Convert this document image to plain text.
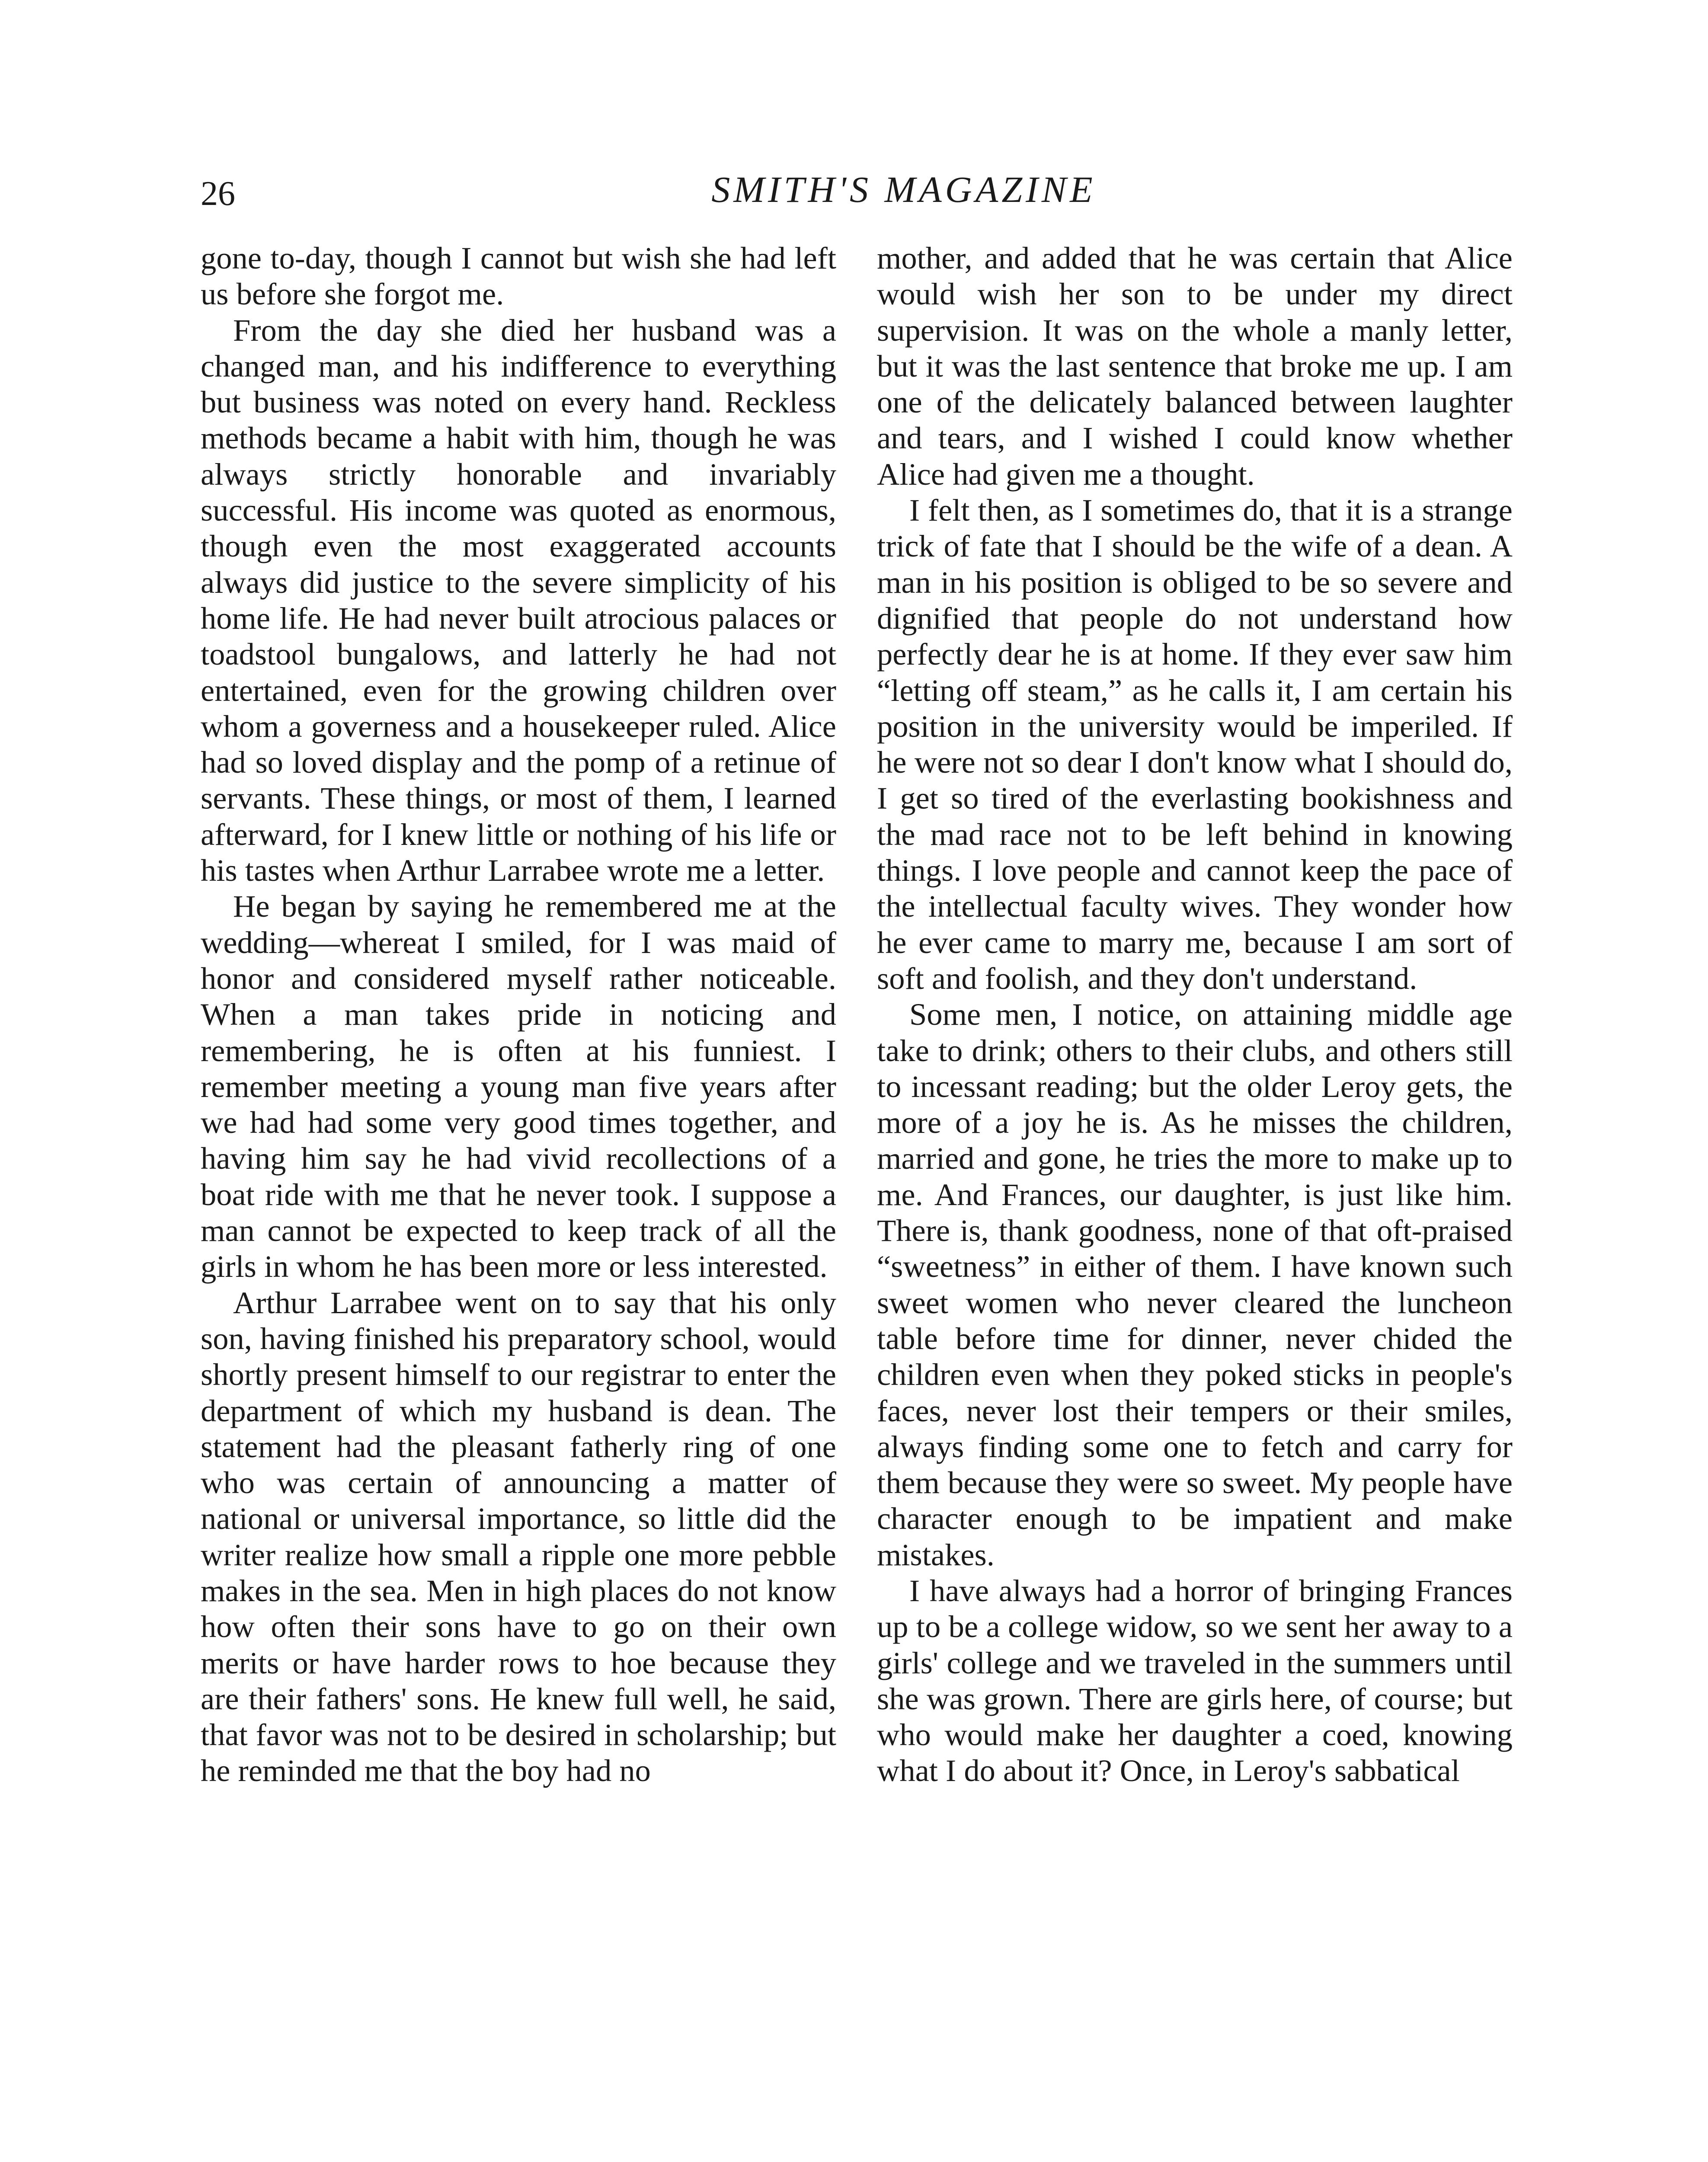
26	SMITH'S MAGAZINE

gone to-day, though I cannot but wish she had left us before she forgot me.

From the day she died her husband was a changed man, and his indifference to everything but business was noted on every hand. Reckless methods became a habit with him, though he was always strictly honorable and invariably successful. His income was quoted as enormous, though even the most exaggerated accounts always did justice to the severe simplicity of his home life. He had never built atrocious palaces or toadstool bungalows, and latterly he had not entertained, even for the growing children over whom a governess and a housekeeper ruled. Alice had so loved display and the pomp of a retinue of servants. These things, or most of them, I learned afterward, for I knew little or nothing of his life or his tastes when Arthur Larrabee wrote me a letter.

He began by saying he remembered me at the wedding—whereat I smiled, for I was maid of honor and considered myself rather noticeable. When a man takes pride in noticing and remembering, he is often at his funniest. I remember meeting a young man five years after we had had some very good times together, and having him say he had vivid recollections of a boat ride with me that he never took. I suppose a man cannot be expected to keep track of all the girls in whom he has been more or less interested.

Arthur Larrabee went on to say that his only son, having finished his preparatory school, would shortly present himself to our registrar to enter the department of which my husband is dean. The statement had the pleasant fatherly ring of one who was certain of announcing a matter of national or universal importance, so little did the writer realize how small a ripple one more pebble makes in the sea. Men in high places do not know how often their sons have to go on their own merits or have harder rows to hoe because they are their fathers' sons. He knew full well, he said, that favor was not to be desired in scholarship; but he reminded me that the boy had no

mother, and added that he was certain that Alice would wish her son to be under my direct supervision. It was on the whole a manly letter, but it was the last sentence that broke me up. I am one of the delicately balanced between laughter and tears, and I wished I could know whether Alice had given me a thought.

I felt then, as I sometimes do, that it is a strange trick of fate that I should be the wife of a dean. A man in his position is obliged to be so severe and dignified that people do not understand how perfectly dear he is at home. If they ever saw him “letting off steam,” as he calls it, I am certain his position in the university would be imperiled. If he were not so dear I don't know what I should do, I get so tired of the everlasting bookishness and the mad race not to be left behind in knowing things. I love people and cannot keep the pace of the intellectual faculty wives. They wonder how he ever came to marry me, because I am sort of soft and foolish, and they don't understand.

Some men, I notice, on attaining middle age take to drink; others to their clubs, and others still to incessant reading; but the older Leroy gets, the more of a joy he is. As he misses the children, married and gone, he tries the more to make up to me. And Frances, our daughter, is just like him. There is, thank goodness, none of that oft-praised “sweetness” in either of them. I have known such sweet women who never cleared the luncheon table before time for dinner, never chided the children even when they poked sticks in people's faces, never lost their tempers or their smiles, always finding some one to fetch and carry for them because they were so sweet. My people have character enough to be impatient and make mistakes.

I have always had a horror of bringing Frances up to be a college widow, so we sent her away to a girls' college and we traveled in the summers until she was grown. There are girls here, of course; but who would make her daughter a coed, knowing what I do about it? Once, in Leroy's sabbatical
